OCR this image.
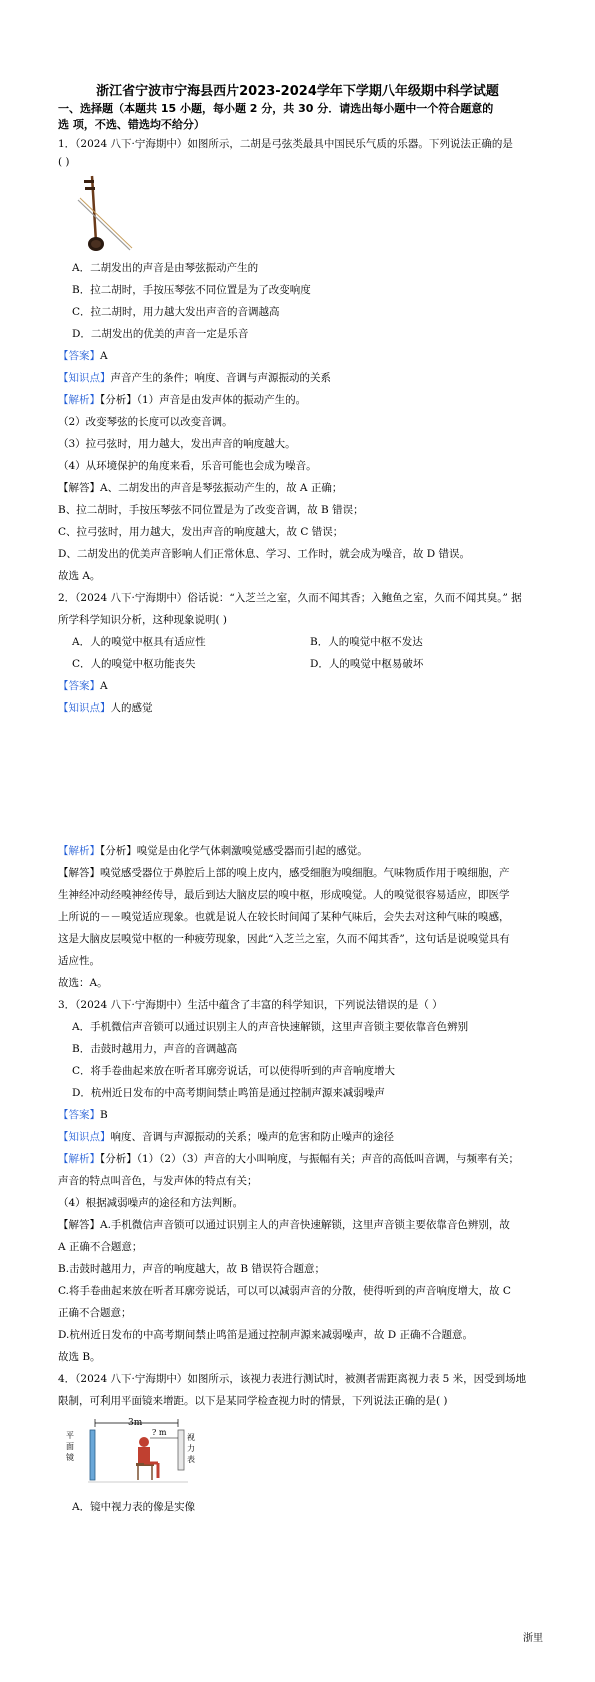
浙江省宁波市宁海县西片2023-2024学年下学期八年级期中科学试题
一、选择题（本题共 15 小题，每小题 2 分，共 30 分．请选出每小题中一个符合题意的
选 项，不选、错选均不给分）
1．（2024 八下·宁海期中）如图所示，二胡是弓弦类最具中国民乐气质的乐器。下列说法正确的是
( )
A．二胡发出的声音是由琴弦振动产生的
B．拉二胡时，手按压琴弦不同位置是为了改变响度
C．拉二胡时，用力越大发出声音的音调越高
D．二胡发出的优美的声音一定是乐音
【答案】A
【知识点】声音产生的条件；响度、音调与声源振动的关系
【解析】【分析】（1）声音是由发声体的振动产生的。
（2）改变琴弦的长度可以改变音调。
（3）拉弓弦时，用力越大，发出声音的响度越大。
（4）从环境保护的角度来看，乐音可能也会成为噪音。
【解答】A、二胡发出的声音是琴弦振动产生的，故 A 正确；
B、拉二胡时，手按压琴弦不同位置是为了改变音调，故 B 错误；
C、拉弓弦时，用力越大，发出声音的响度越大，故 C 错误；
D、二胡发出的优美声音影响人们正常休息、学习、工作时，就会成为噪音，故 D 错误。
故选 A。
2．（2024 八下·宁海期中）俗话说：“入芝兰之室，久而不闻其香；入鲍鱼之室，久而不闻其臭。” 据
所学科学知识分析，这种现象说明( )
A．人的嗅觉中枢具有适应性	B．人的嗅觉中枢不发达
C．人的嗅觉中枢功能丧失	D．人的嗅觉中枢易破坏
【答案】A
【知识点】人的感觉
【解析】【分析】嗅觉是由化学气体刺激嗅觉感受器而引起的感觉。
【解答】嗅觉感受器位于鼻腔后上部的嗅上皮内，感受细胞为嗅细胞。气味物质作用于嗅细胞，产
生神经冲动经嗅神经传导，最后到达大脑皮层的嗅中枢，形成嗅觉。人的嗅觉很容易适应，即医学
上所说的－－嗅觉适应现象。也就是说人在较长时间闻了某种气味后，会失去对这种气味的嗅感，
这是大脑皮层嗅觉中枢的一种疲劳现象，因此“入芝兰之室，久而不闻其香”，这句话是说嗅觉具有
适应性。
故选：A。
3．（2024 八下·宁海期中）生活中蕴含了丰富的科学知识，下列说法错误的是（ ）
A．手机微信声音锁可以通过识别主人的声音快速解锁，这里声音锁主要依靠音色辨别
B．击鼓时越用力，声音的音调越高
C．将手卷曲起来放在听者耳廓旁说话，可以使得听到的声音响度增大
D．杭州近日发布的中高考期间禁止鸣笛是通过控制声源来减弱噪声
【答案】B
【知识点】响度、音调与声源振动的关系；噪声的危害和防止噪声的途径
【解析】【分析】（1）（2）（3）声音的大小叫响度，与振幅有关；声音的高低叫音调，与频率有关；
声音的特点叫音色，与发声体的特点有关；
（4）根据减弱噪声的途径和方法判断。
【解答】A.手机微信声音锁可以通过识别主人的声音快速解锁，这里声音锁主要依靠音色辨别，故
A 正确不合题意；
B.击鼓时越用力，声音的响度越大，故 B 错误符合题意；
C.将手卷曲起来放在听者耳廓旁说话，可以可以减弱声音的分散，使得听到的声音响度增大，故 C
正确不合题意；
D.杭州近日发布的中高考期间禁止鸣笛是通过控制声源来减弱噪声，故 D 正确不合题意。
故选 B。
4．（2024 八下·宁海期中）如图所示，该视力表进行测试时，被测者需距离视力表 5 米，因受到场地
限制，可利用平面镜来增距。以下是某同学检查视力时的情景，下列说法正确的是( )
3m
平面镜
视力表
? m
A．镜中视力表的像是实像
浙里
